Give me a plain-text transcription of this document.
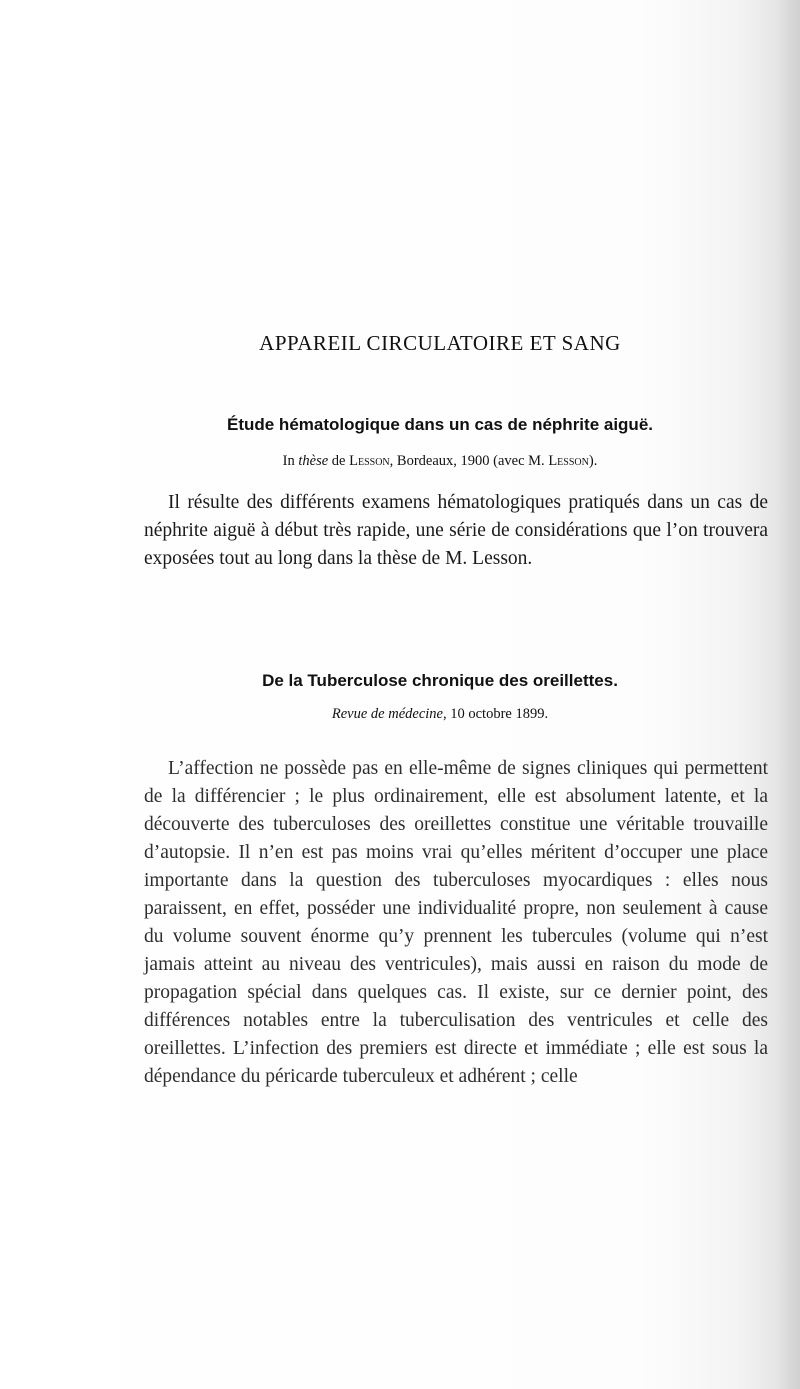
APPAREIL CIRCULATOIRE ET SANG
Étude hématologique dans un cas de néphrite aiguë.
In thèse de Lesson, Bordeaux, 1900 (avec M. Lesson).
Il résulte des différents examens hématologiques pratiqués dans un cas de néphrite aiguë à début très rapide, une série de considérations que l’on trouvera exposées tout au long dans la thèse de M. Lesson.
De la Tuberculose chronique des oreillettes.
Revue de médecine, 10 octobre 1899.
L’affection ne possède pas en elle-même de signes cliniques qui permettent de la différencier ; le plus ordinairement, elle est absolument latente, et la découverte des tuberculoses des oreillettes constitue une véritable trouvaille d’autopsie. Il n’en est pas moins vrai qu’elles méritent d’occuper une place importante dans la question des tuberculoses myocardiques : elles nous paraissent, en effet, posséder une individualité propre, non seulement à cause du volume souvent énorme qu’y prennent les tubercules (volume qui n’est jamais atteint au niveau des ventricules), mais aussi en raison du mode de propagation spécial dans quelques cas. Il existe, sur ce dernier point, des différences notables entre la tuberculisation des ventricules et celle des oreillettes. L’infection des premiers est directe et immédiate ; elle est sous la dépendance du péricarde tuberculeux et adhérent ; celle
